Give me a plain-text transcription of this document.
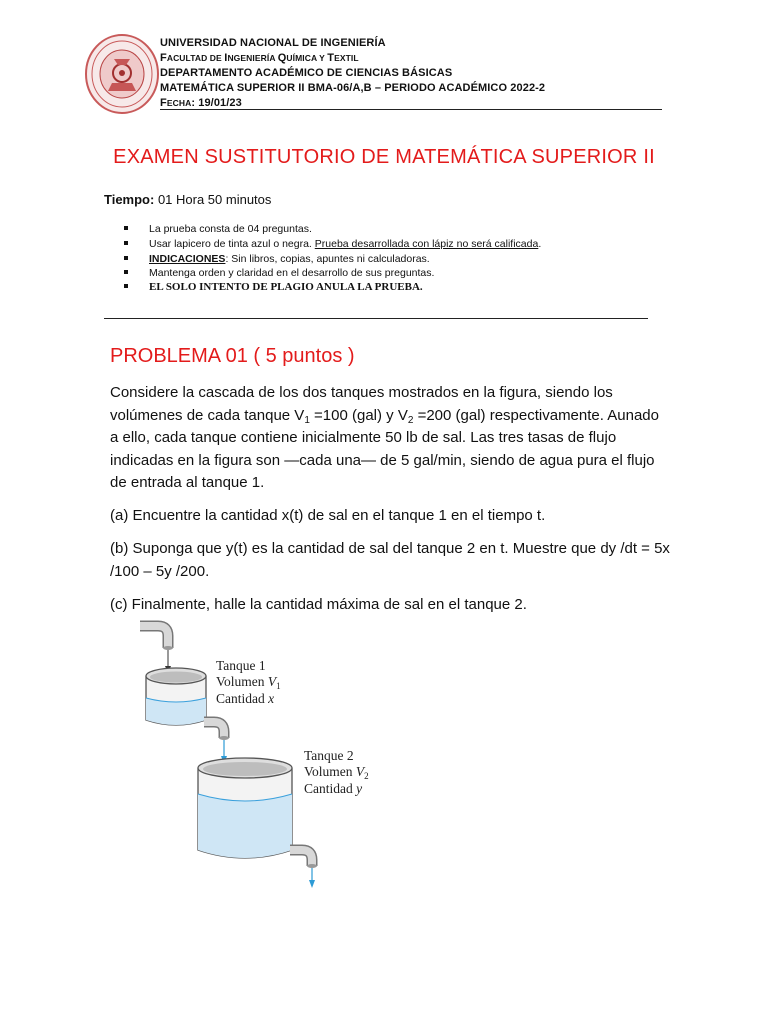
UNIVERSIDAD NACIONAL DE INGENIERÍA
FACULTAD DE INGENIERÍA QUÍMICA Y TEXTIL
DEPARTAMENTO ACADÉMICO DE CIENCIAS BÁSICAS
MATEMÁTICA SUPERIOR II BMA-06/A,B – PERIODO ACADÉMICO 2022-2
FECHA: 19/01/23
EXAMEN SUSTITUTORIO DE MATEMÁTICA SUPERIOR II
Tiempo: 01 Hora 50 minutos
La prueba consta de 04 preguntas.
Usar lapicero de tinta azul o negra. Prueba desarrollada con lápiz no será calificada.
INDICACIONES: Sin libros, copias, apuntes ni calculadoras.
Mantenga orden y claridad en el desarrollo de sus preguntas.
EL SOLO INTENTO DE PLAGIO ANULA LA PRUEBA.
PROBLEMA 01 ( 5 puntos )
Considere la cascada de los dos tanques mostrados en la figura, siendo los volúmenes de cada tanque $V_1 =100$ (gal) y $V_2 =200$ (gal) respectivamente. Aunado a ello, cada tanque contiene inicialmente 50 lb de sal. Las tres tasas de flujo indicadas en la figura son —cada una— de 5 gal/min, siendo de agua pura el flujo de entrada al tanque 1.
(a) Encuentre la cantidad x(t) de sal en el tanque 1 en el tiempo t.
(b) Suponga que y(t) es la cantidad de sal del tanque 2 en t. Muestre que dy /dt = 5x /100 – 5y /200.
(c) Finalmente, halle la cantidad máxima de sal en el tanque 2.
Tanque 1
Volumen $V_1$
Cantidad x
Tanque 2
Volumen $V_2$
Cantidad y
